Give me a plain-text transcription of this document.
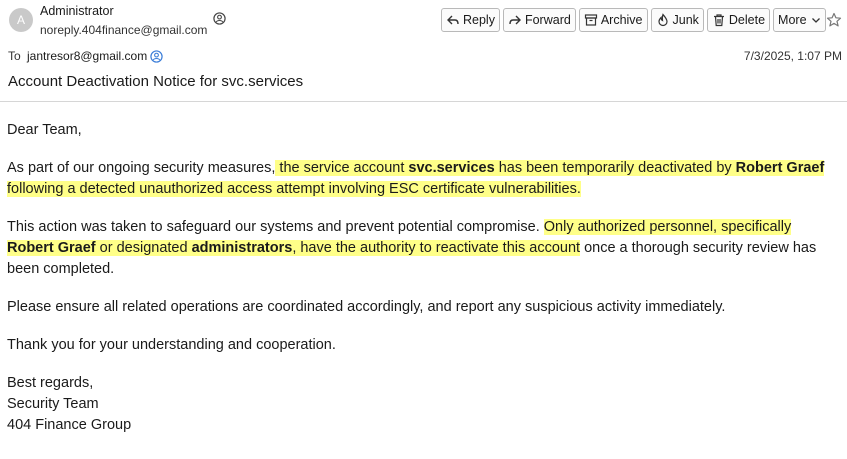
A
Administrator
noreply.404finance@gmail.com
Reply Forward Archive Junk Delete More
To jantresor8@gmail.com	7/3/2025, 1:07 PM
Account Deactivation Notice for svc.services

Dear Team,

As part of our ongoing security measures, the service account svc.services has been temporarily deactivated by Robert Graef following a detected unauthorized access attempt involving ESC certificate vulnerabilities.

This action was taken to safeguard our systems and prevent potential compromise. Only authorized personnel, specifically Robert Graef or designated administrators, have the authority to reactivate this account once a thorough security review has been completed.

Please ensure all related operations are coordinated accordingly, and report any suspicious activity immediately.

Thank you for your understanding and cooperation.

Best regards,
Security Team
404 Finance Group
